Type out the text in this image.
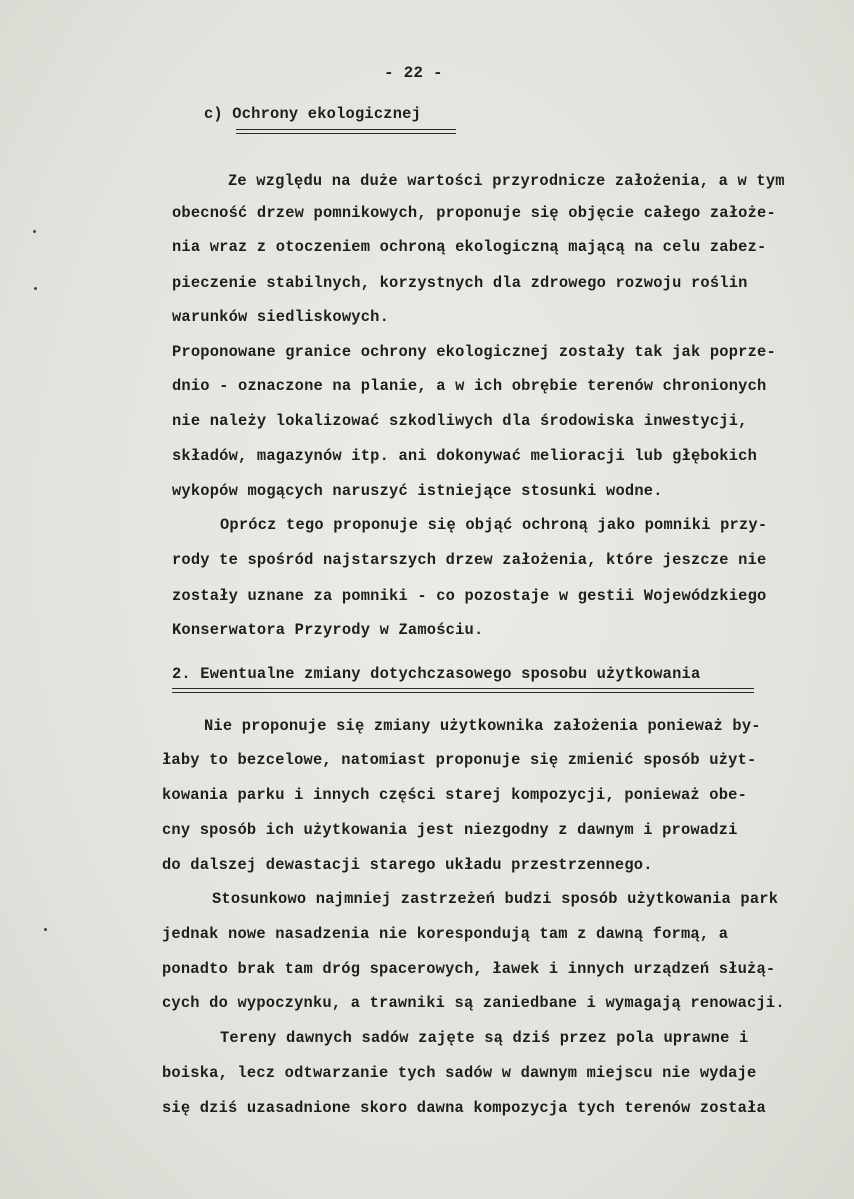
- 22 -
c) Ochrony ekologicznej
Ze względu na duże wartości przyrodnicze założenia, a w tym
obecność drzew pomnikowych, proponuje się objęcie całego założe-
nia wraz z otoczeniem ochroną ekologiczną mającą na celu zabez-
pieczenie stabilnych, korzystnych dla zdrowego rozwoju roślin
warunków siedliskowych.
Proponowane granice ochrony ekologicznej zostały tak jak poprze-
dnio - oznaczone na planie, a w ich obrębie terenów chronionych
nie należy lokalizować szkodliwych dla środowiska inwestycji,
składów, magazynów itp. ani dokonywać melioracji lub głębokich
wykopów mogących naruszyć istniejące stosunki wodne.
Oprócz tego proponuje się objąć ochroną jako pomniki przy-
rody te spośród najstarszych drzew założenia, które jeszcze nie
zostały uznane za pomniki - co pozostaje w gestii Wojewódzkiego
Konserwatora Przyrody w Zamościu.
2. Ewentualne zmiany dotychczasowego sposobu użytkowania
Nie proponuje się zmiany użytkownika założenia ponieważ by-
łaby to bezcelowe, natomiast proponuje się zmienić sposób użyt-
kowania parku i innych części starej kompozycji, ponieważ obe-
cny sposób ich użytkowania jest niezgodny z dawnym i prowadzi
do dalszej dewastacji starego układu przestrzennego.
Stosunkowo najmniej zastrzeżeń budzi sposób użytkowania park
jednak nowe nasadzenia nie korespondują tam z dawną formą, a
ponadto brak tam dróg spacerowych, ławek i innych urządzeń służą-
cych do wypoczynku, a trawniki są zaniedbane i wymagają renowacji.
Tereny dawnych sadów zajęte są dziś przez pola uprawne i
boiska, lecz odtwarzanie tych sadów w dawnym miejscu nie wydaje
się dziś uzasadnione skoro dawna kompozycja tych terenów została
